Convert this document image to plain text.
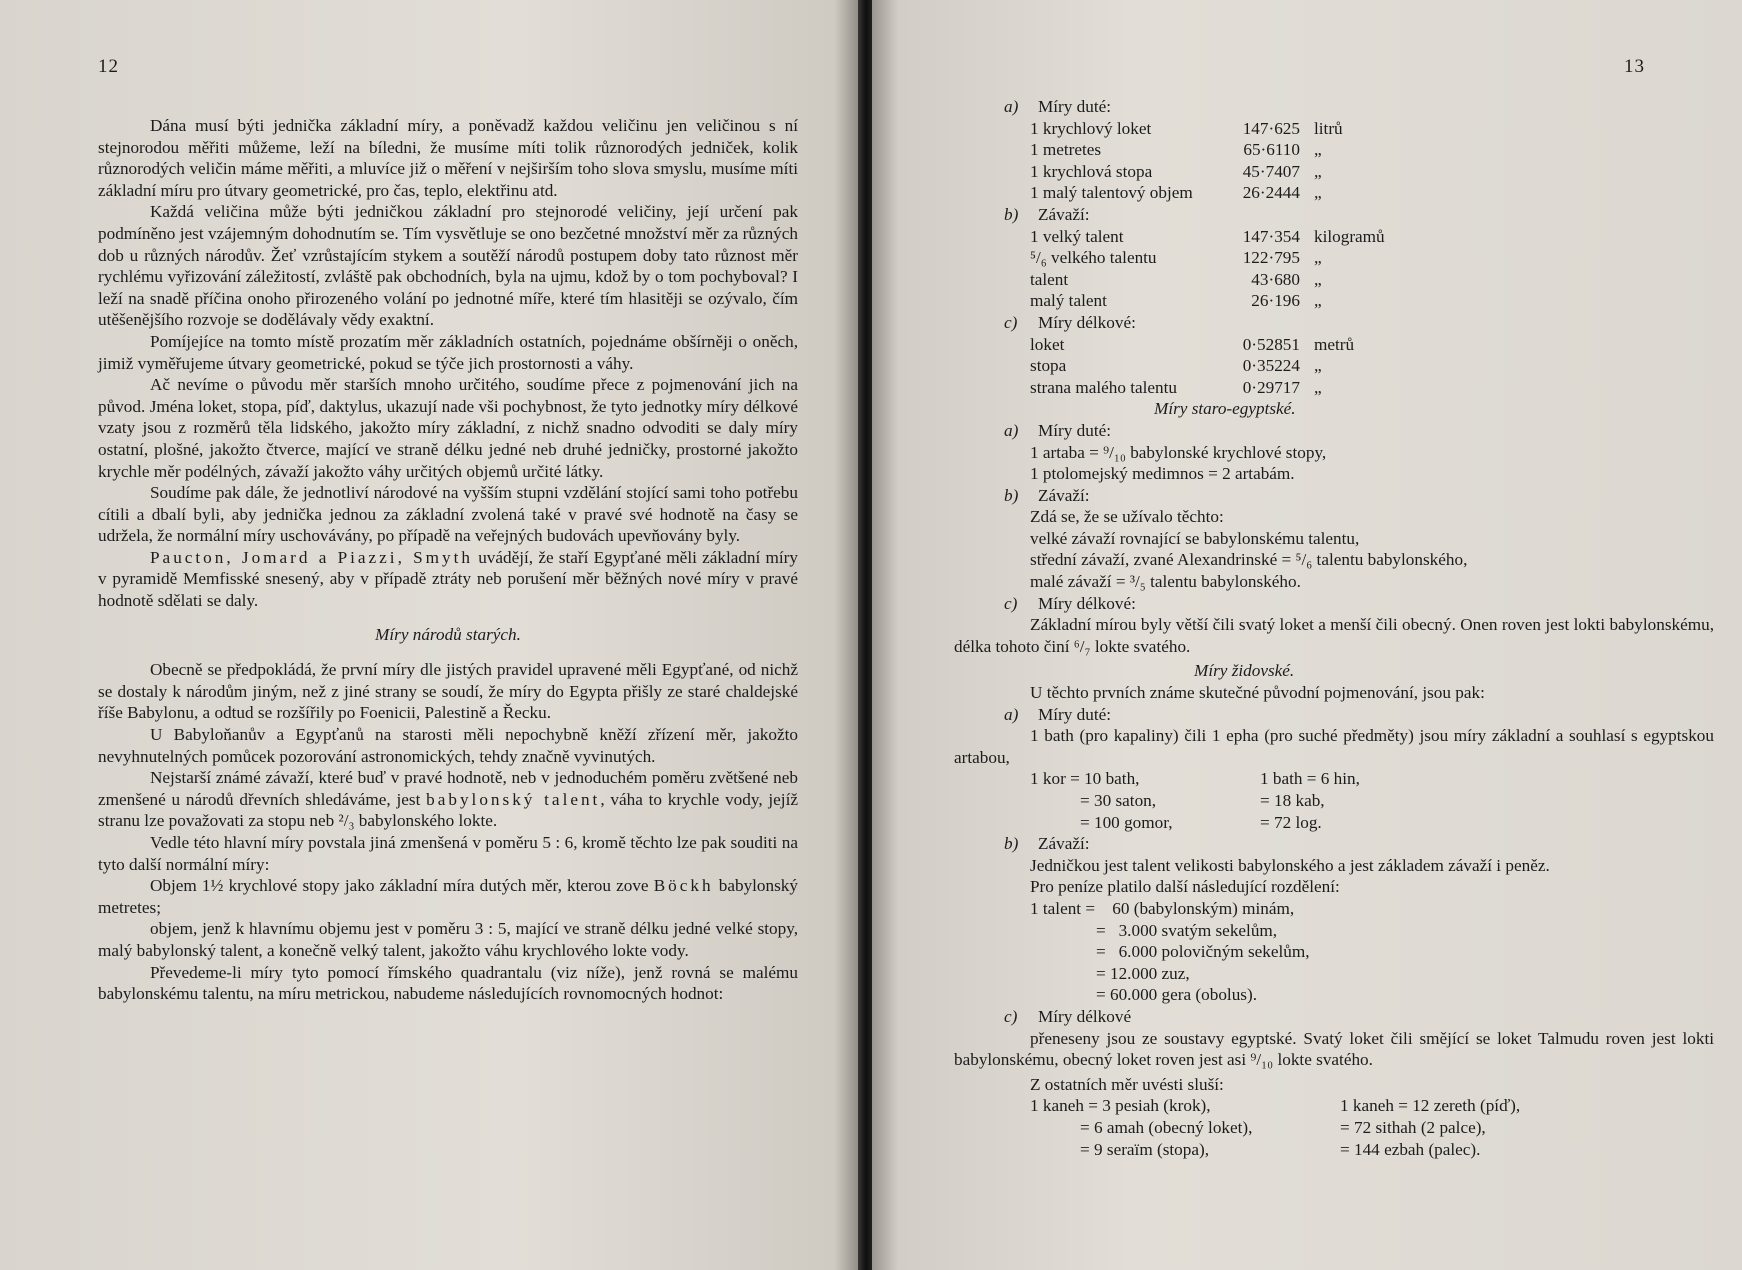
12

Dána musí býti jednička základní míry, a poněvadž každou veličinu jen veličinou s ní stejnorodou měřiti můžeme, leží na bíledni, že musíme míti tolik různorodých jedniček, kolik různorodých veličin máme měřiti, a mluvíce již o měření v nejširším toho slova smyslu, musíme míti základní míru pro útvary geometrické, pro čas, teplo, elektřinu atd.

Každá veličina může býti jedničkou základní pro stejnorodé veličiny, její určení pak podmíněno jest vzájemným dohodnutím se. Tím vysvětluje se ono bezčetné množství měr za různých dob u různých národův. Žeť vzrůstajícím stykem a soutěží národů postupem doby tato různost měr rychlému vyřizování záležitostí, zvláště pak obchodních, byla na ujmu, kdož by o tom pochyboval? I leží na snadě příčina onoho přirozeného volání po jednotné míře, které tím hlasitěji se ozývalo, čím utěšenějšího rozvoje se dodělávaly vědy exaktní.

Pomíjejíce na tomto místě prozatím měr základních ostatních, pojednáme obšírněji o oněch, jimiž vyměřujeme útvary geometrické, pokud se týče jich prostornosti a váhy.

Ač nevíme o původu měr starších mnoho určitého, soudíme přece z pojmenování jich na původ. Jména loket, stopa, píď, daktylus, ukazují nade vši pochybnost, že tyto jednotky míry délkové vzaty jsou z rozměrů těla lidského, jakožto míry základní, z nichž snadno odvoditi se daly míry ostatní, plošné, jakožto čtverce, mající ve straně délku jedné neb druhé jedničky, prostorné jakožto krychle měr podélných, závaží jakožto váhy určitých objemů určité látky.

Soudíme pak dále, že jednotliví národové na vyšším stupni vzdělání stojící sami toho potřebu cítili a dbalí byli, aby jednička jednou za základní zvolená také v pravé své hodnotě na časy se udržela, že normální míry uschovávány, po případě na veřejných budovách upevňovány byly.

Paucton, Jomard a Piazzi, Smyth uvádějí, že staří Egypťané měli základní míry v pyramidě Memfisské snesený, aby v případě ztráty neb porušení měr běžných nové míry v pravé hodnotě sdělati se daly.

Míry národů starých.

Obecně se předpokládá, že první míry dle jistých pravidel upravené měli Egypťané, od nichž se dostaly k národům jiným, než z jiné strany se soudí, že míry do Egypta přišly ze staré chaldejské říše Babylonu, a odtud se rozšířily po Foenicii, Palestině a Řecku.

U Babyloňanův a Egypťanů na starosti měli nepochybně kněží zřízení měr, jakožto nevyhnutelných pomůcek pozorování astronomických, tehdy značně vyvinutých.

Nejstarší známé závaží, které buď v pravé hodnotě, neb v jednoduchém poměru zvětšené neb zmenšené u národů dřevních shledáváme, jest babylonský talent, váha to krychle vody, jejíž stranu lze považovati za stopu neb ²/₃ babylonského lokte.

Vedle této hlavní míry povstala jiná zmenšená v poměru 5 : 6, kromě těchto lze pak souditi na tyto další normální míry:

Objem 1½ krychlové stopy jako základní míra dutých měr, kterou zove Böckh babylonský metretes;

objem, jenž k hlavnímu objemu jest v poměru 3 : 5, mající ve straně délku jedné velké stopy, malý babylonský talent, a konečně velký talent, jakožto váhu krychlového lokte vody.

Převedeme-li míry tyto pomocí římského quadrantalu (viz níže), jenž rovná se malému babylonskému talentu, na míru metrickou, nabudeme následujících rovnomocných hodnot:

13
a) Míry duté:
1 krychlový loket	147·625 litrů
1 metretes	65·6110 „
1 krychlová stopa	45·7407 „
1 malý talentový objem	26·2444 „
b) Závaží:
1 velký talent	147·354 kilogramů
⁵/₆ velkého talentu	122·795 „
talent	43·680 „
malý talent	26·196 „
c) Míry délkové:
loket	0·52851 metrů
stopa	0·35224 „
strana malého talentu	0·29717 „
Míry staro-egyptské.
a) Míry duté:
1 artaba = ⁹/₁₀ babylonské krychlové stopy,
1 ptolomejský medimnos = 2 artabám.
b) Závaží:
Zdá se, že se užívalo těchto:
velké závaží rovnající se babylonskému talentu,
střední závaží, zvané Alexandrinské = ⁵/₆ talentu babylonského,
malé závaží = ³/₅ talentu babylonského.
c) Míry délkové:

Základní mírou byly větší čili svatý loket a menší čili obecný. Onen roven jest lokti babylonskému, délka tohoto činí ⁶/₇ lokte svatého.

Míry židovské.
U těchto prvních známe skutečné původní pojmenování, jsou pak:
a) Míry duté:

1 bath (pro kapaliny) čili 1 epha (pro suché předměty) jsou míry základní a souhlasí s egyptskou artabou,

1 kor = 10 bath,	1 bath = 6 hin,
= 30 saton,	= 18 kab,
= 100 gomor,	= 72 log.
b) Závaží:
Jedničkou jest talent velikosti babylonského a jest základem závaží i peněz.
Pro peníze platilo další následující rozdělení:
1 talent =    60 (babylonským) minám,
=   3.000 svatým sekelům,
=   6.000 polovičným sekelům,
= 12.000 zuz,
= 60.000 gera (obolus).
c) Míry délkové

přeneseny jsou ze soustavy egyptské. Svatý loket čili smějící se loket Talmudu roven jest lokti babylonskému, obecný loket roven jest asi ⁹/₁₀ lokte svatého.

Z ostatních měr uvésti sluší:
1 kaneh = 3 pesiah (krok),	1 kaneh = 12 zereth (píď),
= 6 amah (obecný loket),	= 72 sithah (2 palce),
= 9 seraïm (stopa),	= 144 ezbah (palec).
